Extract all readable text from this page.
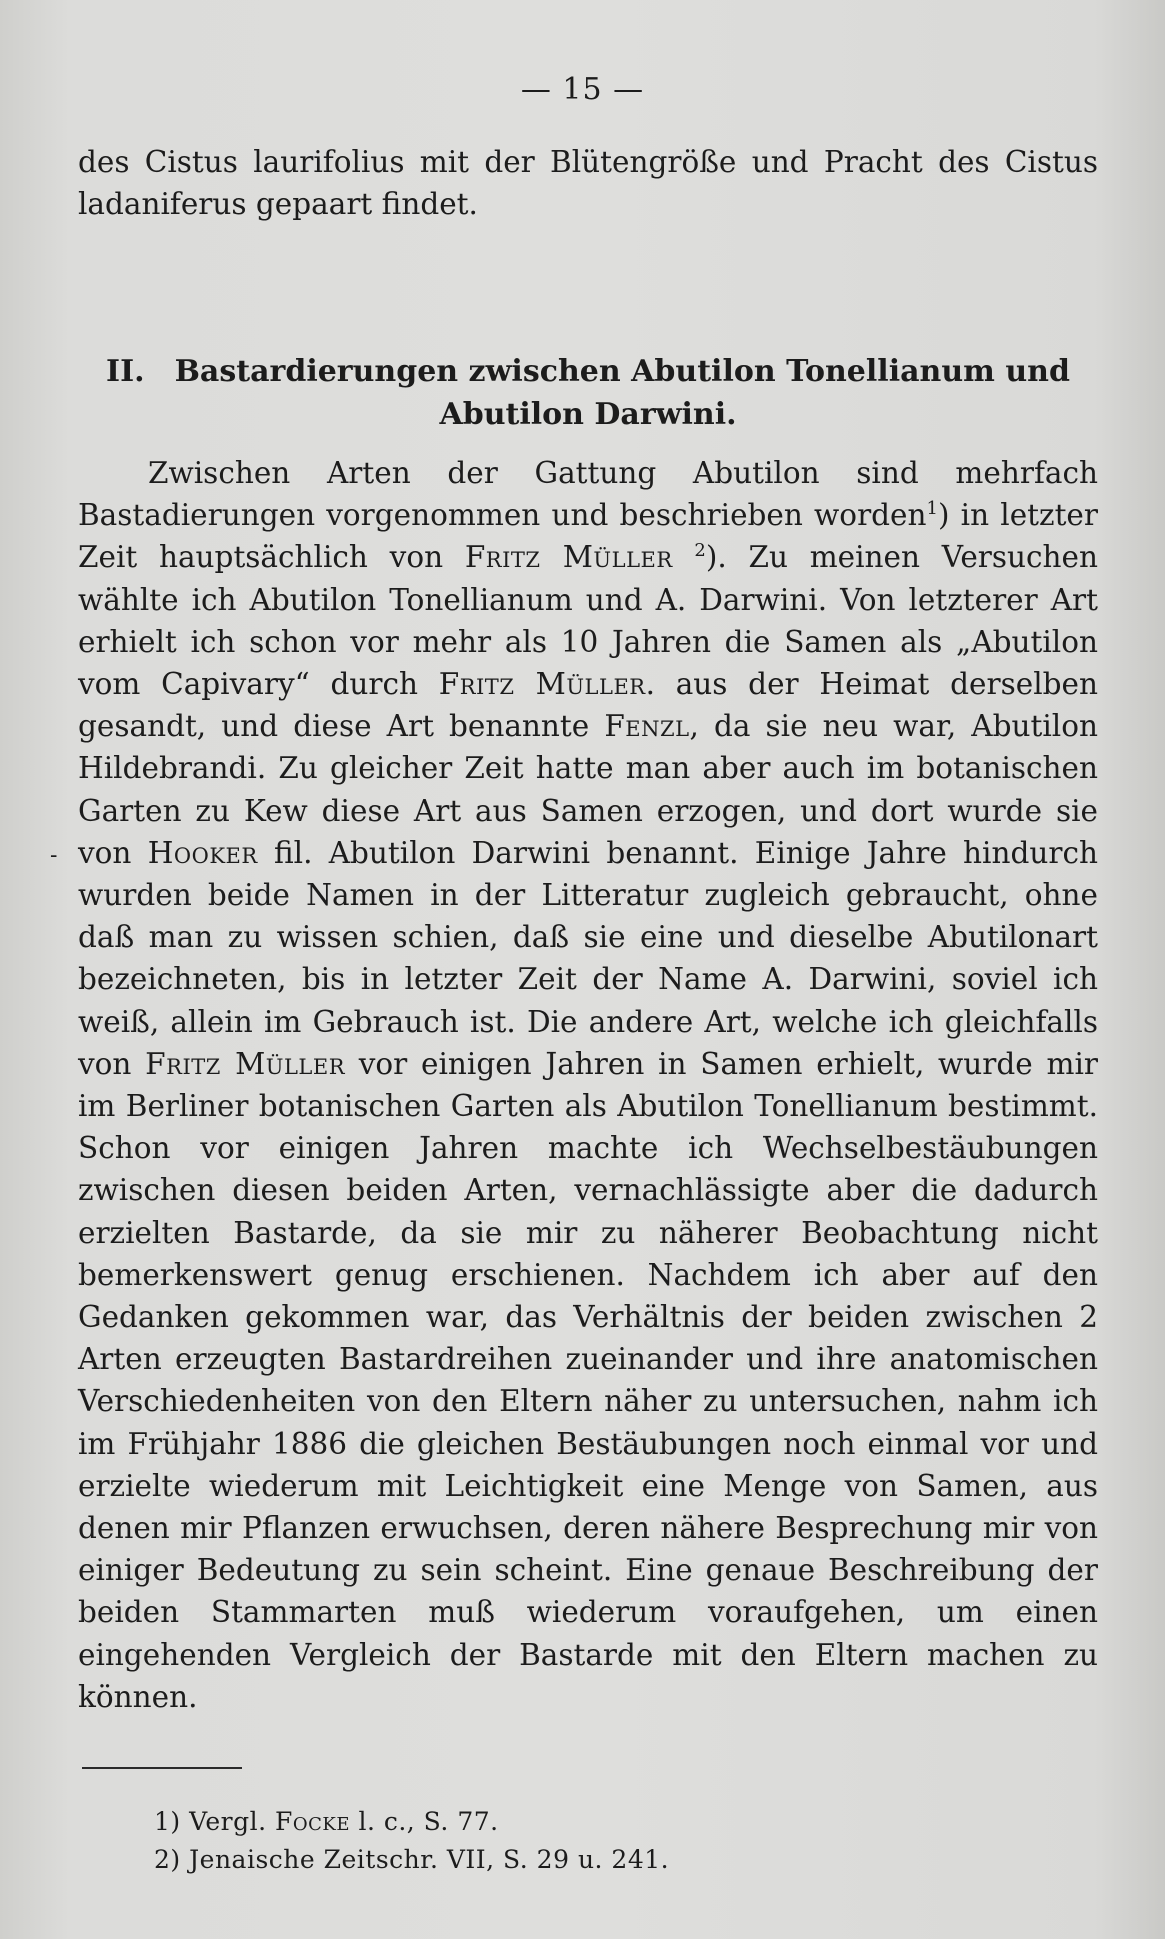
— 15 —

des Cistus laurifolius mit der Blütengröße und Pracht des Cistus ladaniferus gepaart findet.

II. Bastardierungen zwischen Abutilon Tonellianum und Abutilon Darwini.

Zwischen Arten der Gattung Abutilon sind mehrfach Bastadierungen vorgenommen und beschrieben worden$^1$) in letzter Zeit hauptsächlich von Fritz Müller $^2$). Zu meinen Versuchen wählte ich Abutilon Tonellianum und A. Darwini. Von letzterer Art erhielt ich schon vor mehr als 10 Jahren die Samen als „Abutilon vom Capivary“ durch Fritz Müller. aus der Heimat derselben gesandt, und diese Art benannte Fenzl, da sie neu war, Abutilon Hildebrandi. Zu gleicher Zeit hatte man aber auch im botanischen Garten zu Kew diese Art aus Samen erzogen, und dort wurde sie von Hooker fil. Abutilon Darwini benannt. Einige Jahre hindurch wurden beide Namen in der Litteratur zugleich gebraucht, ohne daß man zu wissen schien, daß sie eine und dieselbe Abutilonart bezeichneten, bis in letzter Zeit der Name A. Darwini, soviel ich weiß, allein im Gebrauch ist. Die andere Art, welche ich gleichfalls von Fritz Müller vor einigen Jahren in Samen erhielt, wurde mir im Berliner botanischen Garten als Abutilon Tonellianum bestimmt. Schon vor einigen Jahren machte ich Wechselbestäubungen zwischen diesen beiden Arten, vernachlässigte aber die dadurch erzielten Bastarde, da sie mir zu näherer Beobachtung nicht bemerkenswert genug erschienen. Nachdem ich aber auf den Gedanken gekommen war, das Verhältnis der beiden zwischen 2 Arten erzeugten Bastardreihen zueinander und ihre anatomischen Verschiedenheiten von den Eltern näher zu untersuchen, nahm ich im Frühjahr 1886 die gleichen Bestäubungen noch einmal vor und erzielte wiederum mit Leichtigkeit eine Menge von Samen, aus denen mir Pflanzen erwuchsen, deren nähere Besprechung mir von einiger Bedeutung zu sein scheint. Eine genaue Beschreibung der beiden Stammarten muß wiederum voraufgehen, um einen eingehenden Vergleich der Bastarde mit den Eltern machen zu können.

-
1) Vergl. Focke l. c., S. 77.
2) Jenaische Zeitschr. VII, S. 29 u. 241.
